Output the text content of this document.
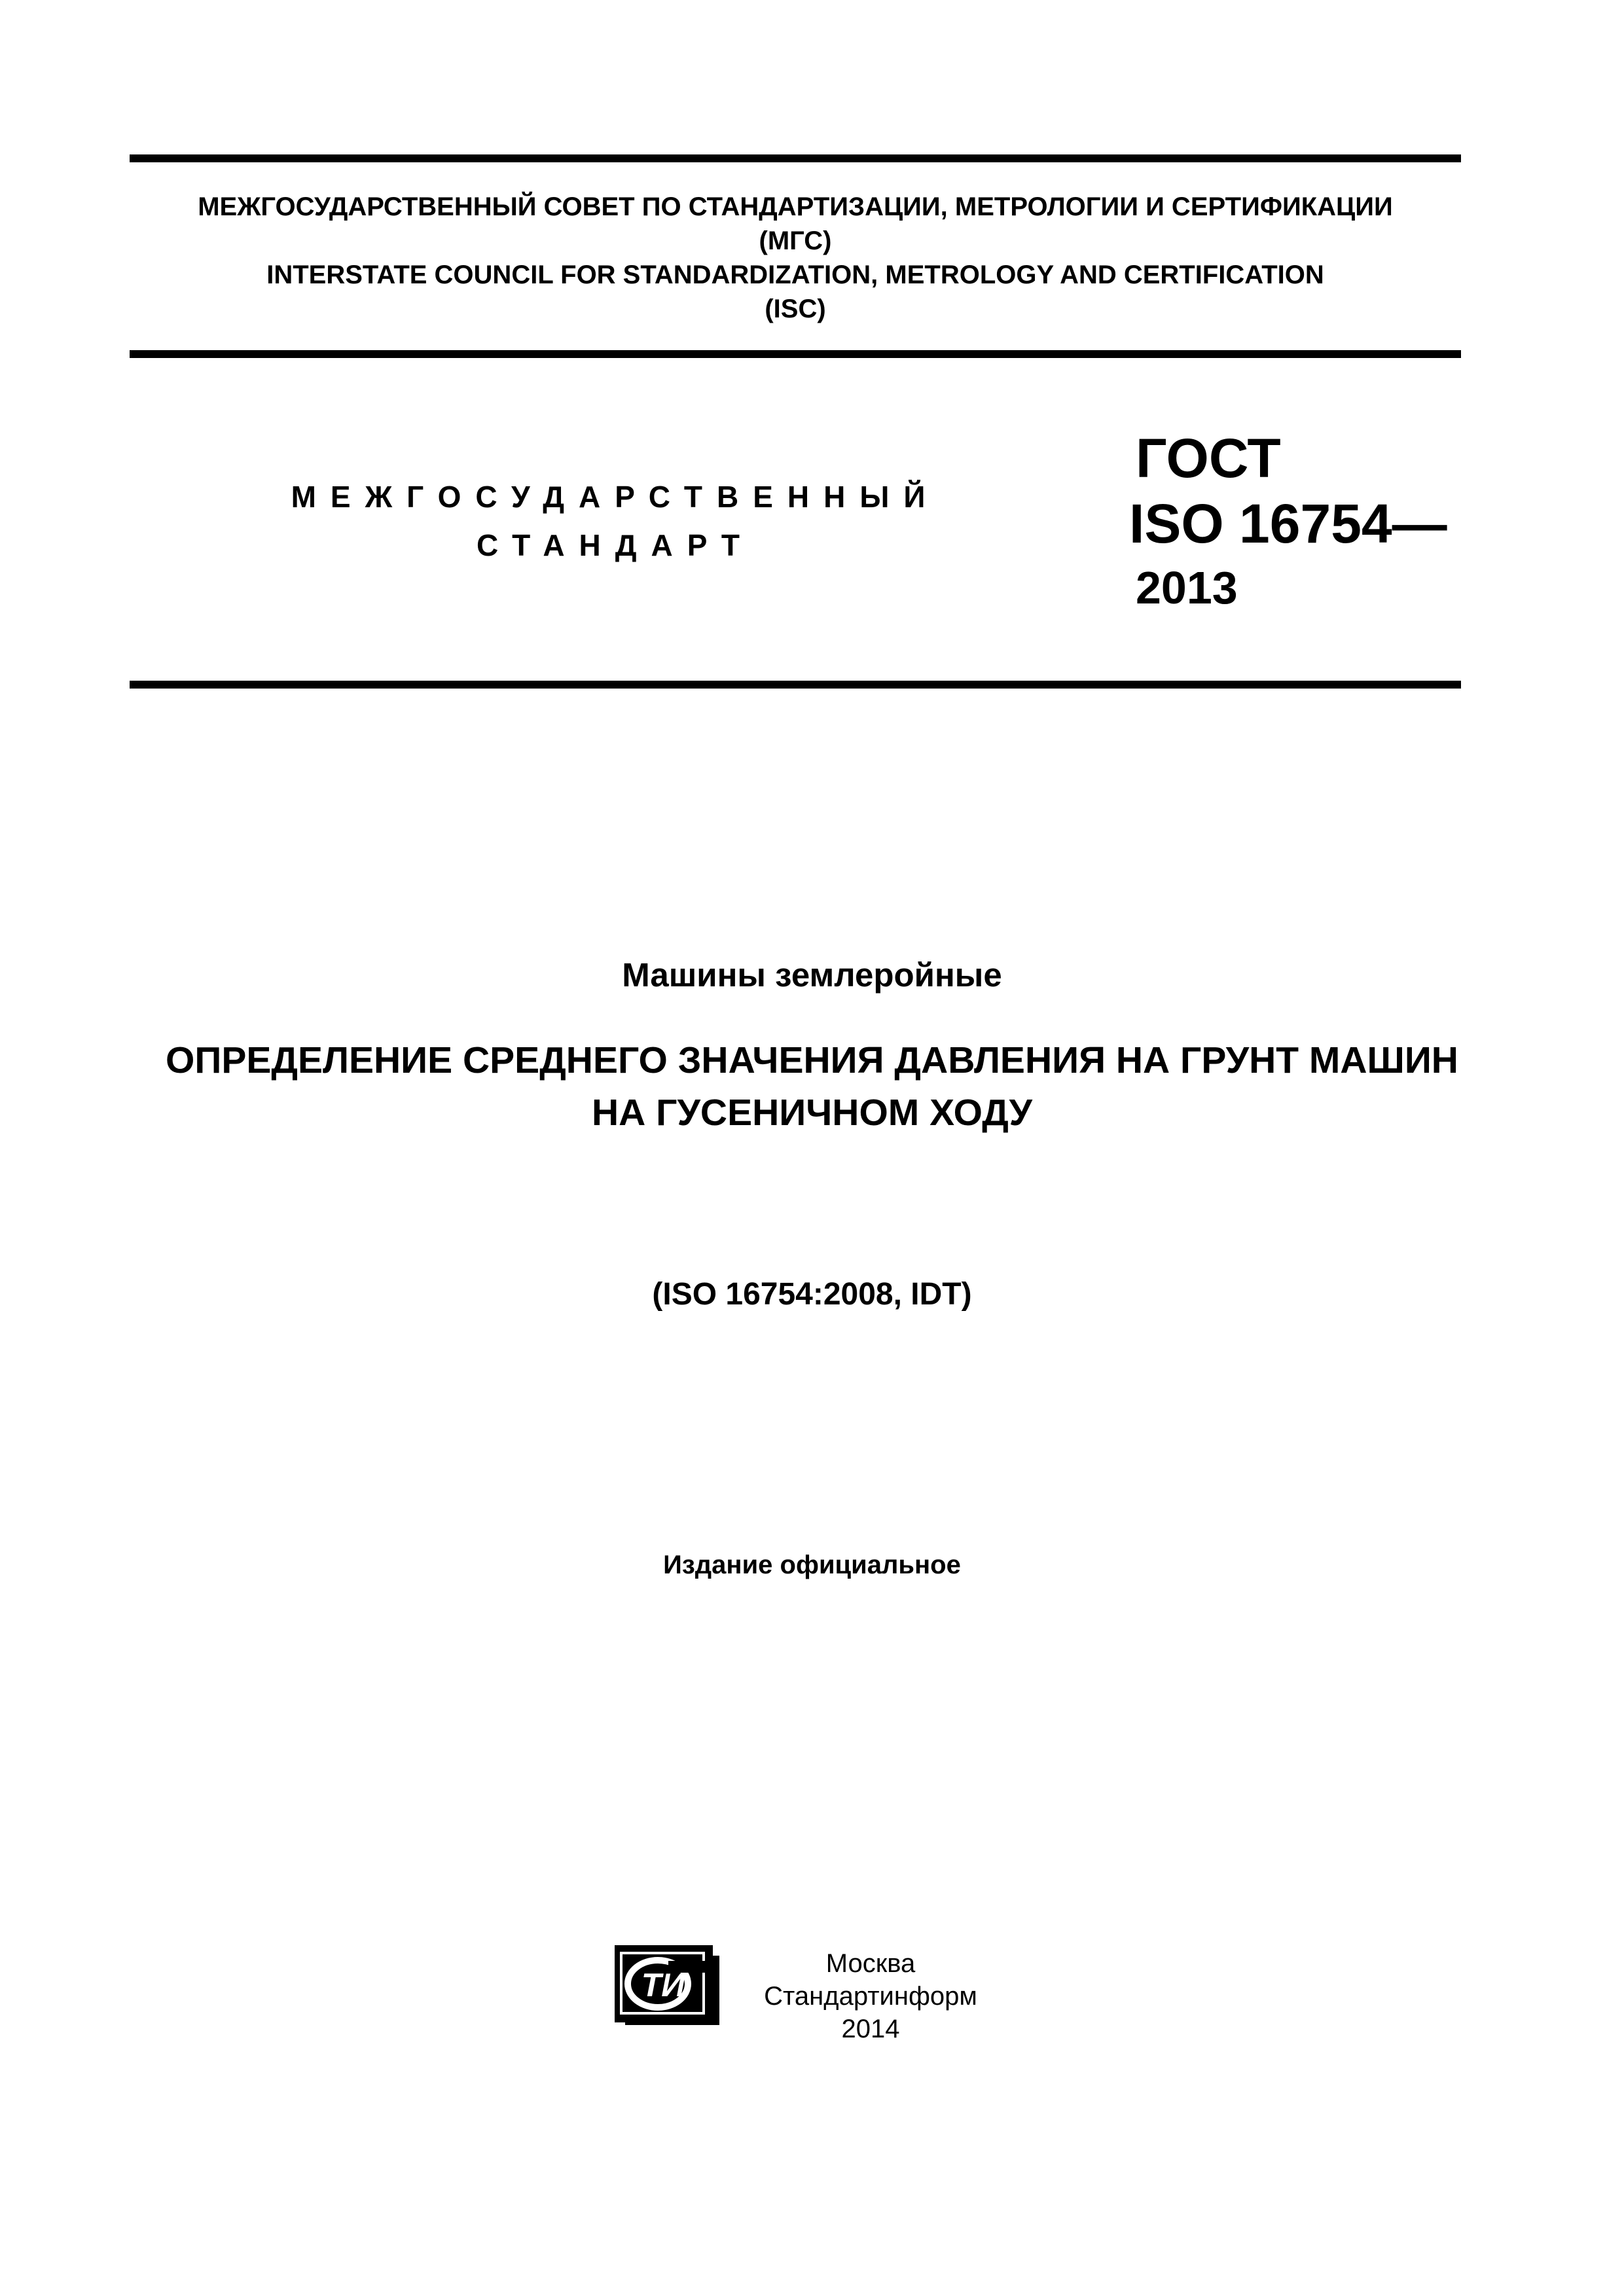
МЕЖГОСУДАРСТВЕННЫЙ СОВЕТ ПО СТАНДАРТИЗАЦИИ, МЕТРОЛОГИИ И СЕРТИФИКАЦИИ
(МГС)
INTERSTATE COUNCIL FOR STANDARDIZATION, METROLOGY AND CERTIFICATION
(ISC)
МЕЖГОСУДАРСТВЕННЫЙ
СТАНДАРТ
ГОСТ
ISO 16754—
2013
Машины землеройные
ОПРЕДЕЛЕНИЕ СРЕДНЕГО ЗНАЧЕНИЯ ДАВЛЕНИЯ НА ГРУНТ МАШИН
НА ГУСЕНИЧНОМ ХОДУ
(ISO 16754:2008, IDT)
Издание официальное
ТИ
Москва
Стандартинформ
2014
